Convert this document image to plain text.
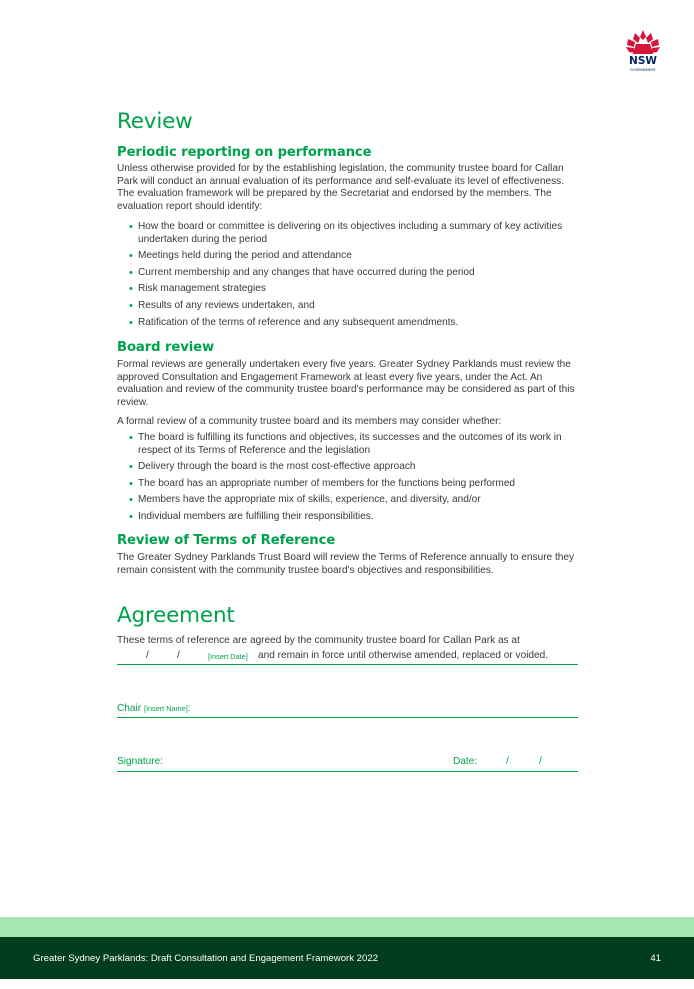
NSW
GOVERNMENT
Review
Periodic reporting on performance

Unless otherwise provided for by the establishing legislation, the community trustee board for Callan Park will conduct an annual evaluation of its performance and self-evaluate its level of effectiveness. The evaluation framework will be prepared by the Secretariat and endorsed by the members. The evaluation report should identify:

• How the board or committee is delivering on its objectives including a summary of key activities undertaken during the period
• Meetings held during the period and attendance
• Current membership and any changes that have occurred during the period
• Risk management strategies
• Results of any reviews undertaken, and
• Ratification of the terms of reference and any subsequent amendments.
Board review

Formal reviews are generally undertaken every five years. Greater Sydney Parklands must review the approved Consultation and Engagement Framework at least every five years, under the Act. An evaluation and review of the community trustee board's performance may be considered as part of this review.

A formal review of a community trustee board and its members may consider whether:

• The board is fulfilling its functions and objectives, its successes and the outcomes of its work in respect of its Terms of Reference and the legislation
• Delivery through the board is the most cost-effective approach
• The board has an appropriate number of members for the functions being performed
• Members have the appropriate mix of skills, experience, and diversity, and/or
• Individual members are fulfilling their responsibilities.
Review of Terms of Reference

The Greater Sydney Parklands Trust Board will review the Terms of Reference annually to ensure they remain consistent with the community trustee board's objectives and responsibilities.

Agreement

These terms of reference are agreed by the community trustee board for Callan Park as at

/	/	[Insert Date] and remain in force until otherwise amended, replaced or voided.
Chair [Insert Name]:
Signature:	Date:	/	/
Greater Sydney Parklands: Draft Consultation and Engagement Framework 2022	41
